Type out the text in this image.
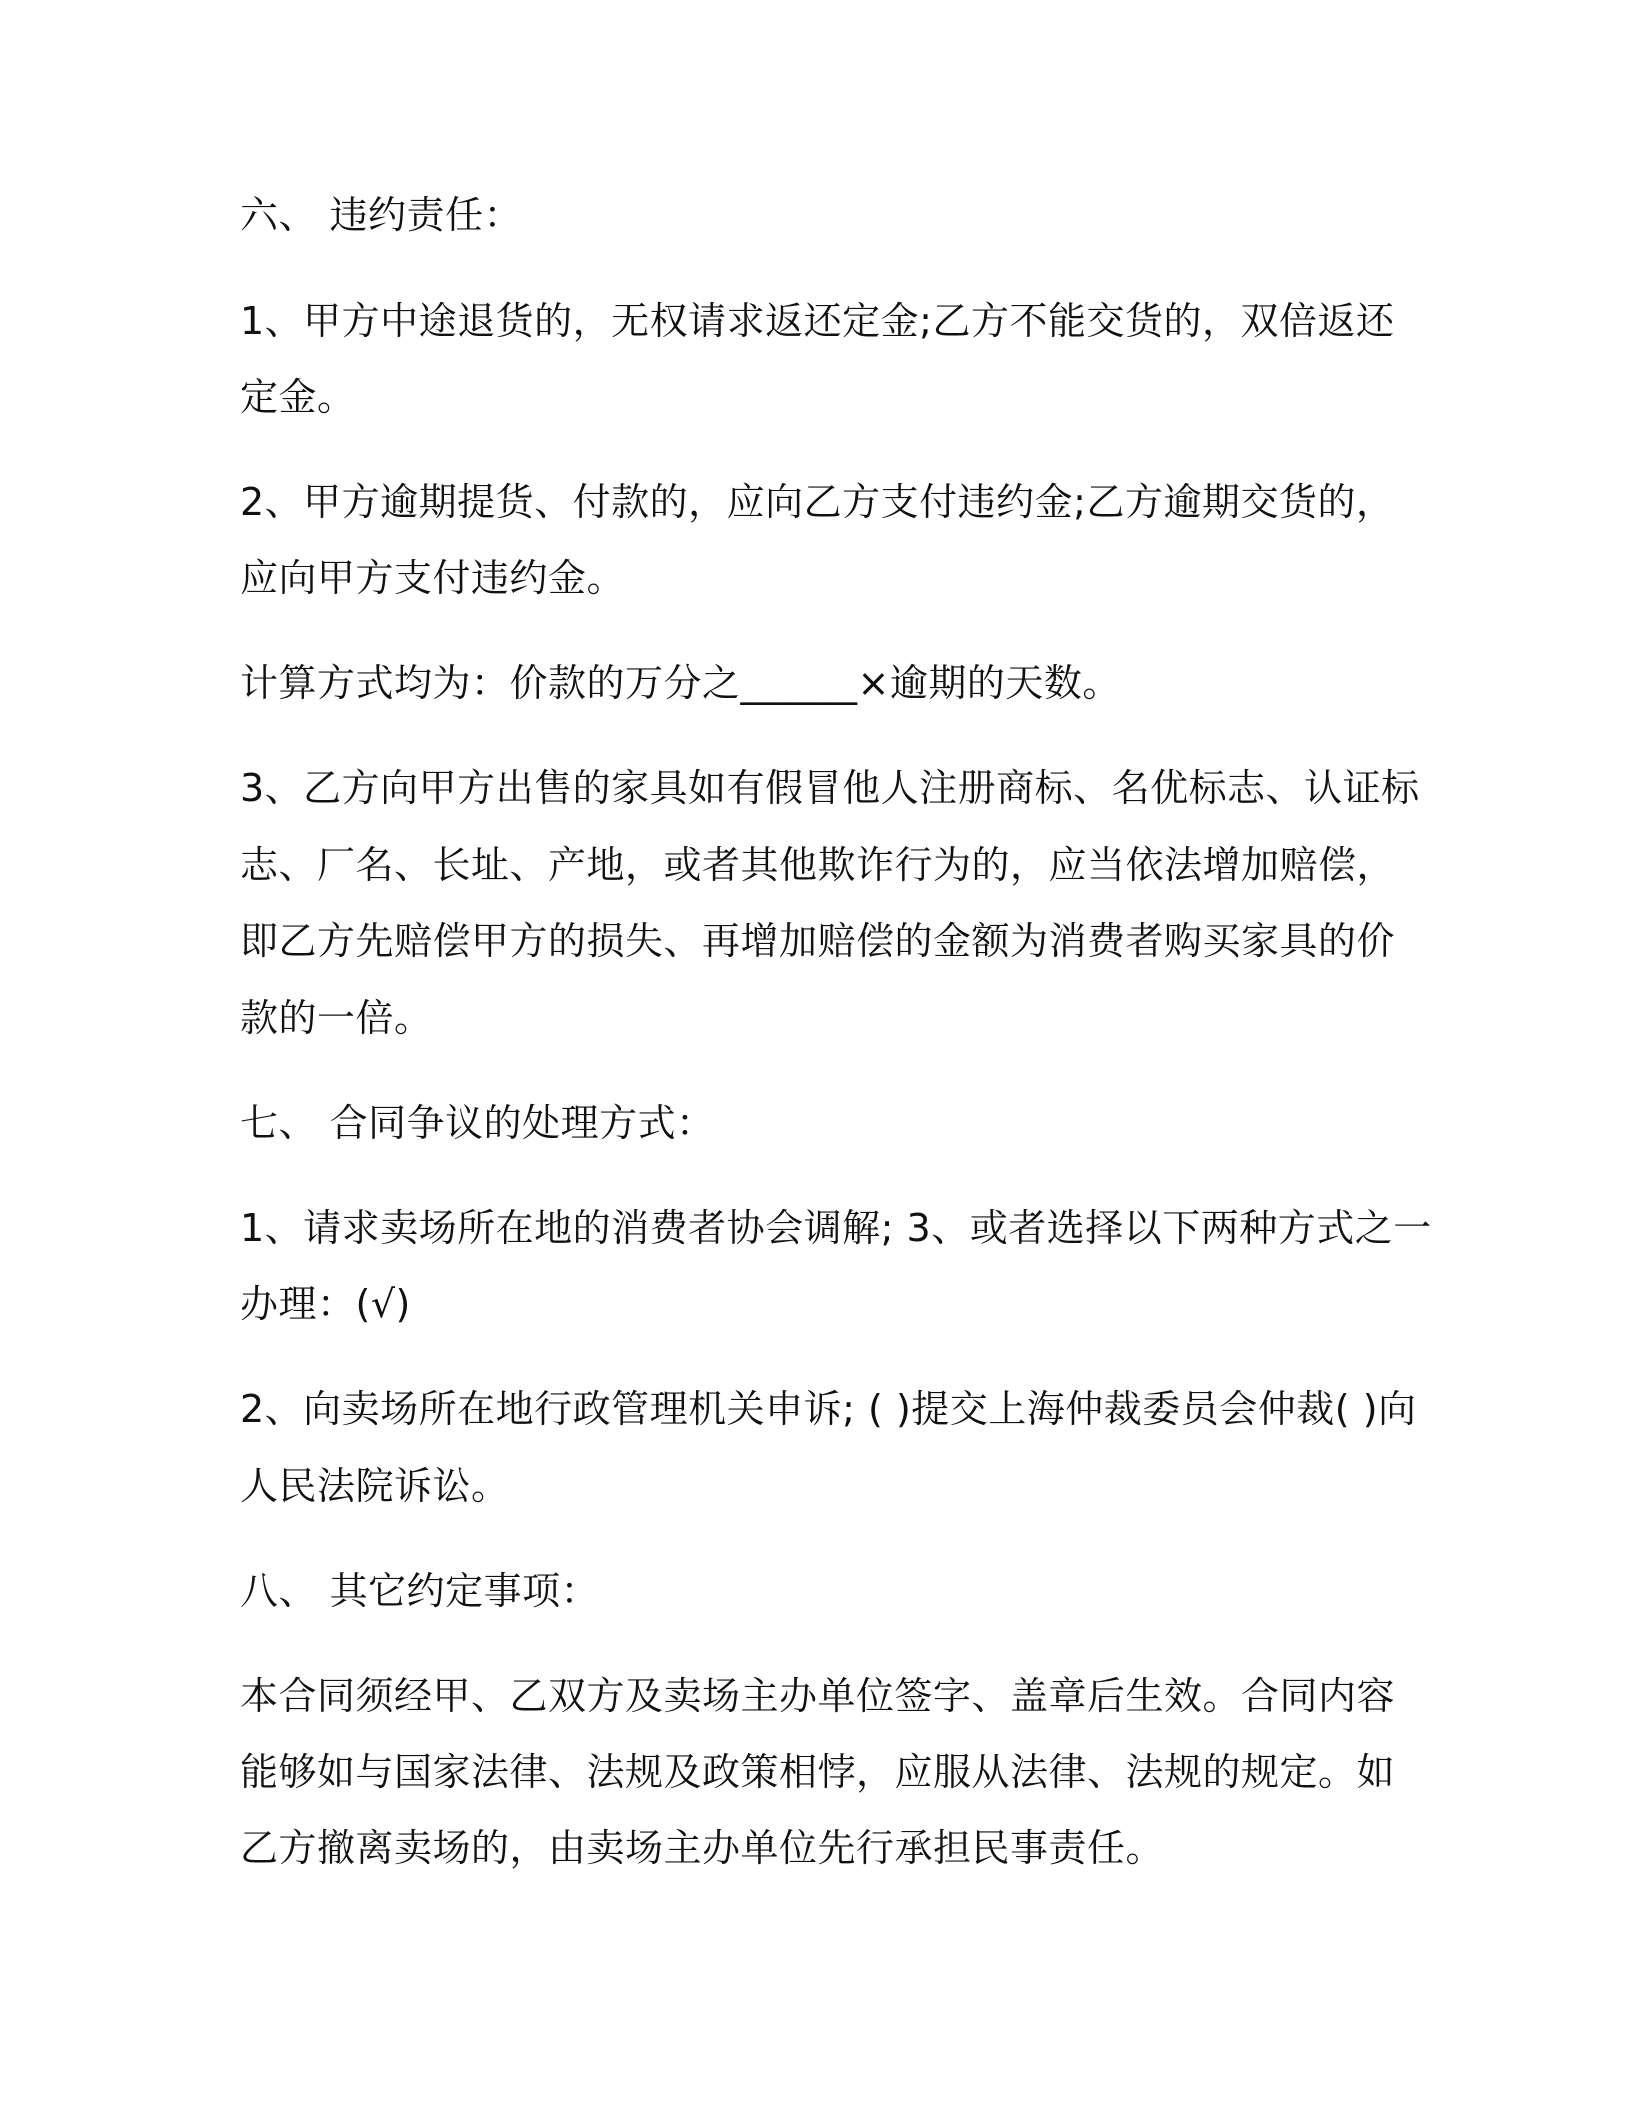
六、 违约责任：
1、甲方中途退货的，无权请求返还定金;乙方不能交货的，双倍返还
定金。
2、甲方逾期提货、付款的，应向乙方支付违约金;乙方逾期交货的，
应向甲方支付违约金。
计算方式均为：价款的万分之______×逾期的天数。
3、乙方向甲方出售的家具如有假冒他人注册商标、名优标志、认证标
志、厂名、长址、产地，或者其他欺诈行为的，应当依法增加赔偿，
即乙方先赔偿甲方的损失、再增加赔偿的金额为消费者购买家具的价
款的一倍。
七、 合同争议的处理方式：
1、请求卖场所在地的消费者协会调解; 3、或者选择以下两种方式之一
办理：(√)
2、向卖场所在地行政管理机关申诉; ( )提交上海仲裁委员会仲裁( )向
人民法院诉讼。
八、 其它约定事项：
本合同须经甲、乙双方及卖场主办单位签字、盖章后生效。合同内容
能够如与国家法律、法规及政策相悖，应服从法律、法规的规定。如
乙方撤离卖场的，由卖场主办单位先行承担民事责任。
